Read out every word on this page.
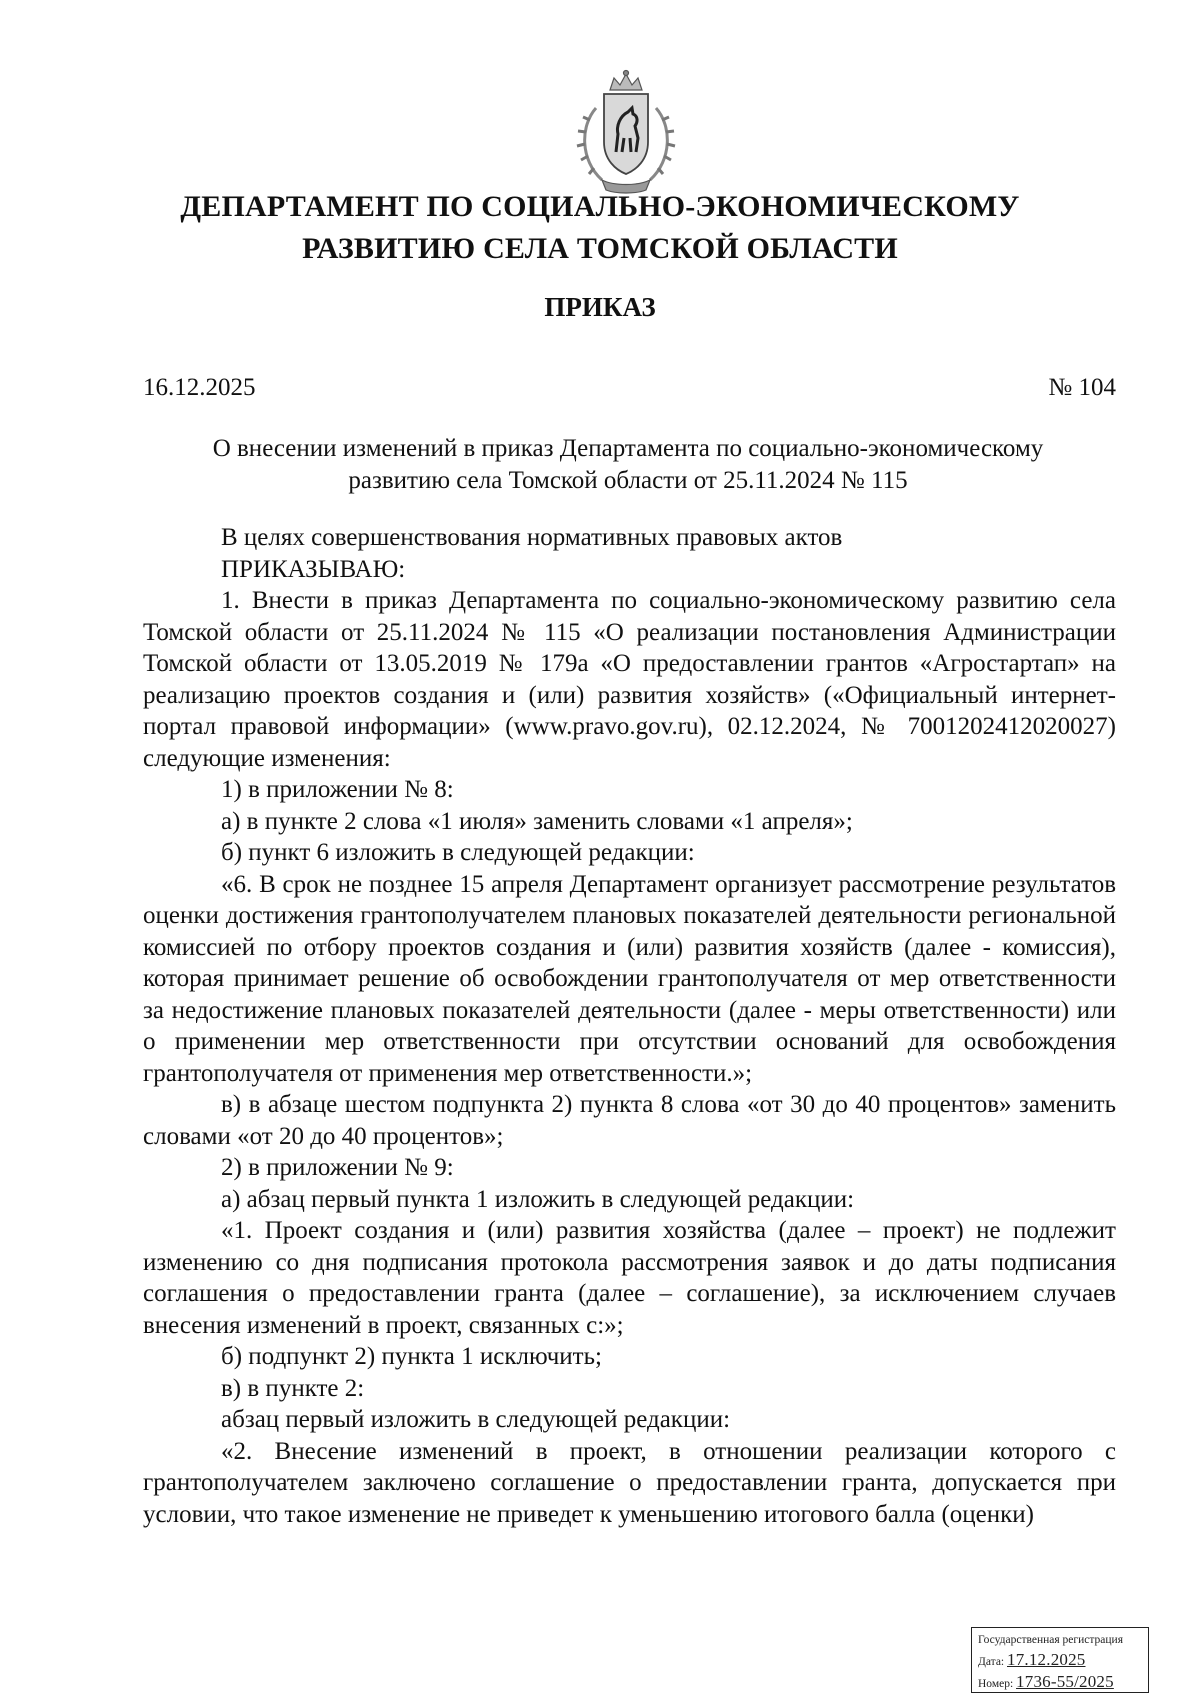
ДЕПАРТАМЕНТ ПО СОЦИАЛЬНО-ЭКОНОМИЧЕСКОМУ
РАЗВИТИЮ СЕЛА ТОМСКОЙ ОБЛАСТИ
ПРИКАЗ
16.12.2025	№ 104
О внесении изменений в приказ Департамента по социально-экономическому
развитию села Томской области от 25.11.2024 № 115

В целях совершенствования нормативных правовых актов

ПРИКАЗЫВАЮ:

1. Внести в приказ Департамента по социально-экономическому развитию села Томской области от 25.11.2024 № 115 «О реализации постановления Администрации Томской области от 13.05.2019 № 179а «О предоставлении грантов «Агростартап» на реализацию проектов создания и (или) развития хозяйств» («Официальный интернет-портал правовой информации» (www.pravo.gov.ru), 02.12.2024, № 7001202412020027) следующие изменения:

1) в приложении № 8:

а) в пункте 2 слова «1 июля» заменить словами «1 апреля»;

б) пункт 6 изложить в следующей редакции:

«6. В срок не позднее 15 апреля Департамент организует рассмотрение результатов оценки достижения грантополучателем плановых показателей деятельности региональной комиссией по отбору проектов создания и (или) развития хозяйств (далее - комиссия), которая принимает решение об освобождении грантополучателя от мер ответственности за недостижение плановых показателей деятельности (далее - меры ответственности) или о применении мер ответственности при отсутствии оснований для освобождения грантополучателя от применения мер ответственности.»;

в) в абзаце шестом подпункта 2) пункта 8 слова «от 30 до 40 процентов» заменить словами «от 20 до 40 процентов»;

2) в приложении № 9:

а) абзац первый пункта 1 изложить в следующей редакции:

«1. Проект создания и (или) развития хозяйства (далее – проект) не подлежит изменению со дня подписания протокола рассмотрения заявок и до даты подписания соглашения о предоставлении гранта (далее – соглашение), за исключением случаев внесения изменений в проект, связанных с:»;

б) подпункт 2) пункта 1 исключить;

в) в пункте 2:

абзац первый изложить в следующей редакции:

«2. Внесение изменений в проект, в отношении реализации которого с грантополучателем заключено соглашение о предоставлении гранта, допускается при условии, что такое изменение не приведет к уменьшению итогового балла (оценки)

Государственная регистрация
Дата: 17.12.2025
Номер: 1736-55/2025
